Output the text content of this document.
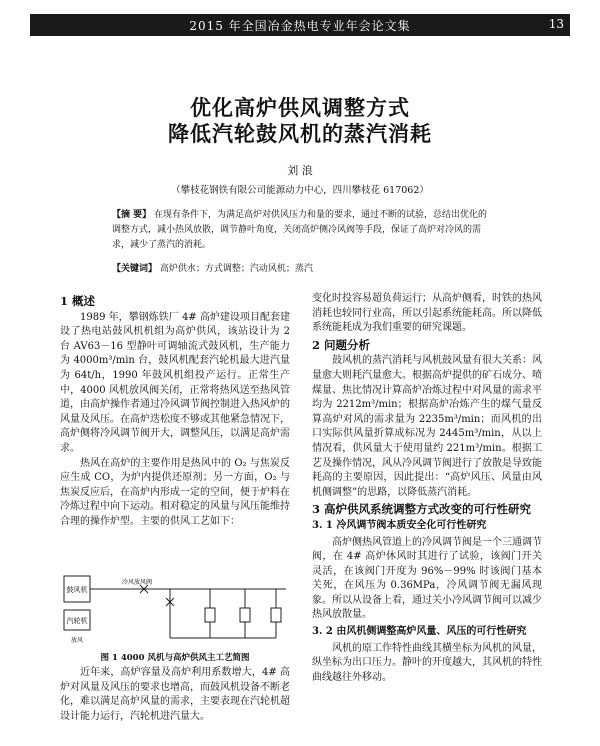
2015 年全国冶金热电专业年会论文集	13
优化高炉供风调整方式
降低汽轮鼓风机的蒸汽消耗
刘 浪
（攀枝花钢铁有限公司能源动力中心，四川攀枝花 617062）
【摘 要】 在现有条件下，为满足高炉对供风压力和量的要求，通过不断的试验，总结出优化的调整方式，减小热风放散，调节静叶角度，关闭高炉侧冷风阀等手段，保证了高炉对冷风的需求，减少了蒸汽的消耗。
【关键词】 高炉供水；方式调整；汽动风机；蒸汽
1 概述

1989 年，攀钢炼铁厂 4# 高炉建设项目配套建设了热电站鼓风机机组为高炉供风，该站设计为 2 台 AV63－16 型静叶可调轴流式鼓风机，生产能力为 4000m³/min 台，鼓风机配套汽轮机最大进汽量为 64t/h，1990 年鼓风机组投产运行。正常生产中，4000 风机放风阀关闭，正常将热风送至热风管道，由高炉操作者通过冷风调节阀控制进入热风炉的风量及风压。在高炉迭松度不够或其他紧急情况下，高炉侧将冷风调节阀开大，调整风压，以满足高炉需求。

热风在高炉的主要作用是热风中的 O₂ 与焦炭反应生成 CO，为炉内提供还原剂；另一方面，O₂ 与焦炭反应后，在高炉内形成一定的空间，便于炉料在冷炼过程中向下运动。相对稳定的风量与风压能维持合理的操作炉型。主要的供风工艺如下：

鼓风机
汽轮机
放风
冷风放风阀
图 1 4000 风机与高炉供风主工艺简图

近年来，高炉容量及高炉利用系数增大，4# 高炉对风量及风压的要求也增高，而鼓风机设备不断老化，难以满足高炉风量的需求，主要表现在汽轮机超设计能力运行，汽轮机进汽量大。

变化时投容易超负荷运行；从高炉侧看，时铁的热风消耗也较同行业高，所以引起系统能耗高。所以降低系统能耗成为我们重要的研究课题。

2 问题分析

鼓风机的蒸汽消耗与风机鼓风量有很大关系：风量愈大则耗汽量愈大。根据高炉提供的矿石成分、喷煤量、焦比情况计算高炉冶炼过程中对风量的需求平均为 2212m³/min；根据高炉冶炼产生的煤气量反算高炉对风的需求量为 2235m³/min；而风机的出口实际供风量折算成标况为 2445m³/min，从以上情况看，供风量大于使用量约 221m³/min。根据工艺及操作情况，风从冷风调节阀进行了放散是导致能耗高的主要原因，因此提出：“高炉风压、风量由风机侧调整”的思路，以降低蒸汽消耗。

3 高炉供风系统调整方式改变的可行性研究
3. 1 冷风调节阀本质安全化可行性研究

高炉侧热风管道上的冷风调节阀是一个三通调节阀，在 4# 高炉休风时其进行了试验，该阀门开关灵活，在该阀门开度为 96%－99% 时该阀门基本关死，在风压为 0.36MPa，冷风调节阀无漏风现象。所以从设备上看，通过关小冷风调节阀可以减少热风放散量。

3. 2 由风机侧调整高炉风量、风压的可行性研究

风机的原工作特性曲线其横坐标为风机的风量，纵坐标为出口压力。静叶的开度越大，其风机的特性曲线越往外移动。
